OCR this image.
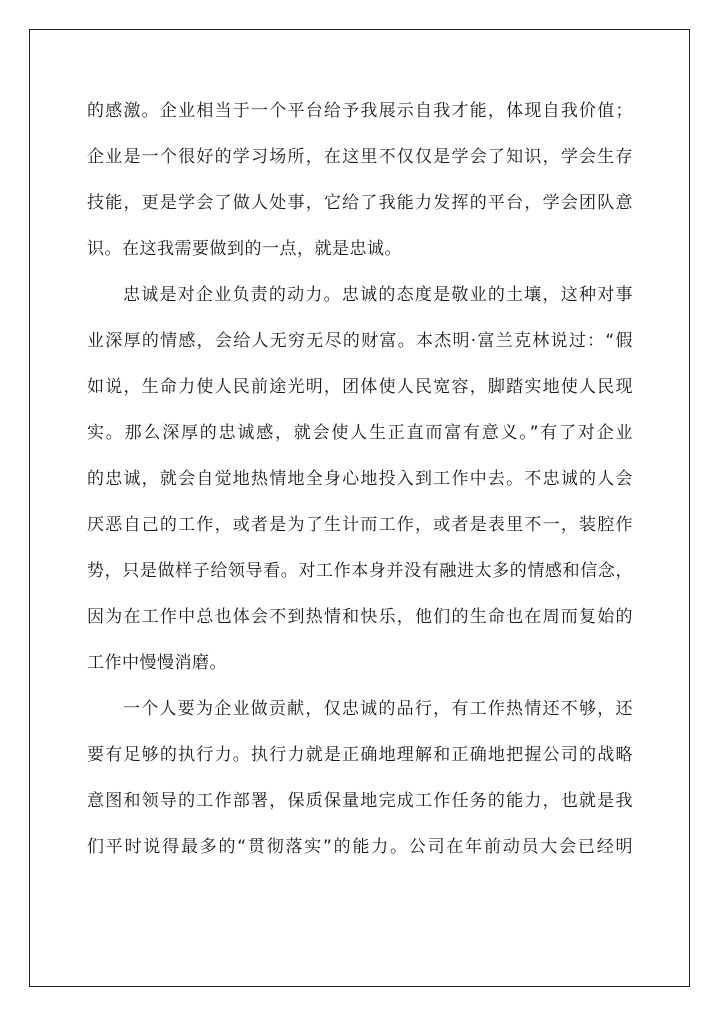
的感激。企业相当于一个平台给予我展示自我才能，体现自我价值；
企业是一个很好的学习场所，在这里不仅仅是学会了知识，学会生存
技能，更是学会了做人处事，它给了我能力发挥的平台，学会团队意
识。在这我需要做到的一点，就是忠诚。
忠诚是对企业负责的动力。忠诚的态度是敬业的土壤，这种对事
业深厚的情感，会给人无穷无尽的财富。本杰明·富兰克林说过：“假
如说，生命力使人民前途光明，团体使人民宽容，脚踏实地使人民现
实。那么深厚的忠诚感，就会使人生正直而富有意义。”有了对企业
的忠诚，就会自觉地热情地全身心地投入到工作中去。不忠诚的人会
厌恶自己的工作，或者是为了生计而工作，或者是表里不一，装腔作
势，只是做样子给领导看。对工作本身并没有融进太多的情感和信念，
因为在工作中总也体会不到热情和快乐，他们的生命也在周而复始的
工作中慢慢消磨。
一个人要为企业做贡献，仅忠诚的品行，有工作热情还不够，还
要有足够的执行力。执行力就是正确地理解和正确地把握公司的战略
意图和领导的工作部署，保质保量地完成工作任务的能力，也就是我
们平时说得最多的“贯彻落实”的能力。公司在年前动员大会已经明
